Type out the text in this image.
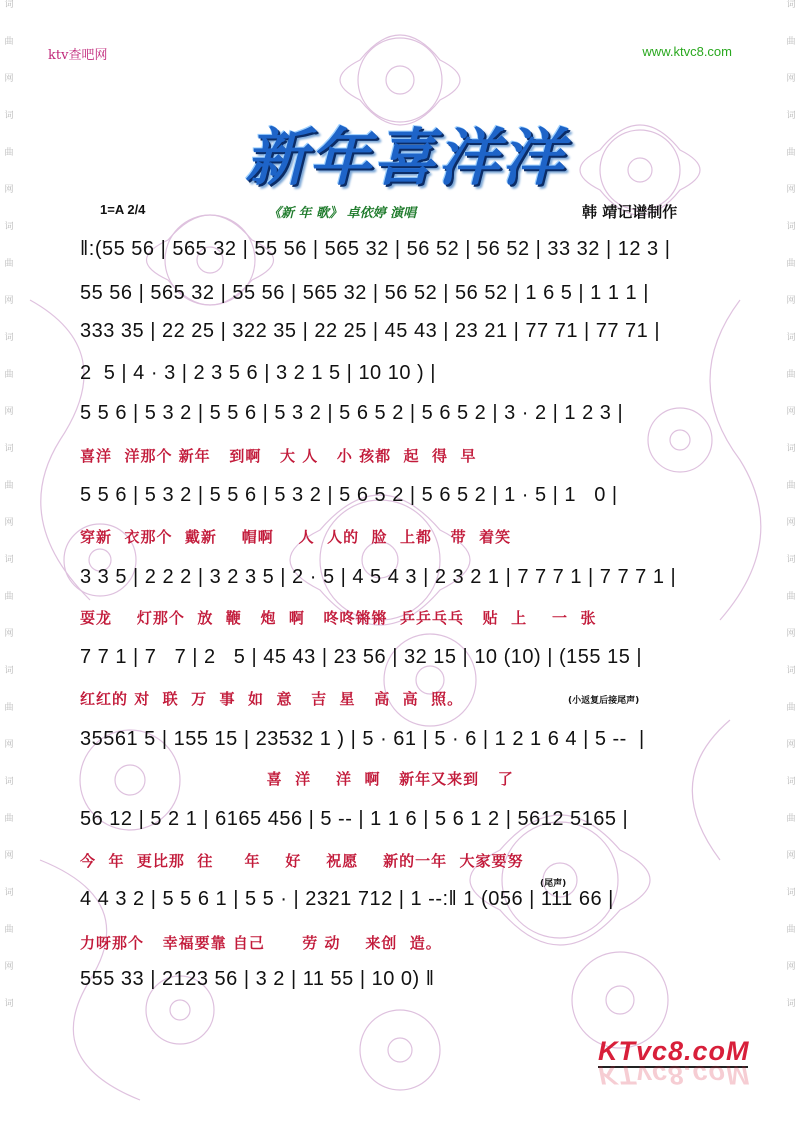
词
曲
网
词
曲
网
词
曲
网
词
曲
网
词
曲
网
词
曲
网
词
曲
网
词
曲
网
词
曲
网
词
词
曲
网
词
曲
网
词
曲
网
词
曲
网
词
曲
网
词
曲
网
词
曲
网
词
曲
网
词
曲
网
词
ktv查吧网	www.ktvc8.com
新年喜洋洋
1=A 2/4	《新 年 歌》 卓依婷 演唱	韩 靖记谱制作
‖:(55 56 | 565 32 | 55 56 | 565 32 | 56 52 | 56 52 | 33 32 | 12 3 |
55 56 | 565 32 | 55 56 | 565 32 | 56 52 | 56 52 | 1 6 5 | 1 1 1 |
333 35 | 22 25 | 322 35 | 22 25 | 45 43 | 23 21 | 77 71 | 77 71 |
2  5 | 4 · 3 | 2 3 5 6 | 3 2 1 5 | 10 10 ) |
5 5 6 | 5 3 2 | 5 5 6 | 5 3 2 | 5 6 5 2 | 5 6 5 2 | 3 · 2 | 1 2 3 |
喜洋  洋那个 新年   到啊   大 人   小 孩都  起  得  早
5 5 6 | 5 3 2 | 5 5 6 | 5 3 2 | 5 6 5 2 | 5 6 5 2 | 1 · 5 | 1   0 |
穿新  衣那个  戴新    帽啊    人  人的  脸  上都   带  着笑
3 3 5 | 2 2 2 | 3 2 3 5 | 2 · 5 | 4 5 4 3 | 2 3 2 1 | 7 7 7 1 | 7 7 7 1 |
耍龙    灯那个  放  鞭   炮  啊   咚咚锵锵  乒乒乓乓   贴  上    一  张
7 7 1 | 7   7 | 2   5 | 45 43 | 23 56 | 32 15 | 10 (10) | (155 15 |
红红的 对  联  万  事  如  意   吉  星   高  高  照。	(小返复后接尾声)
35561 5 | 155 15 | 23532 1 ) | 5 · 61 | 5 · 6 | 1 2 1 6 4 | 5 --  |
喜  洋    洋  啊   新年又来到   了
56 12 | 5 2 1 | 6165 456 | 5 -- | 1 1 6 | 5 6 1 2 | 5612 5165 |
今  年  更比那  往     年    好    祝愿    新的一年  大家要努
(尾声)
4 4 3 2 | 5 5 6 1 | 5 5 · | 2321 712 | 1 --:‖ 1 (056 | 111 66 |
力呀那个   幸福要靠 自己      劳 动    来创  造。
555 33 | 2123 56 | 3 2 | 11 55 | 10 0) ‖
KTvc8.coM
KTvc8.coM
